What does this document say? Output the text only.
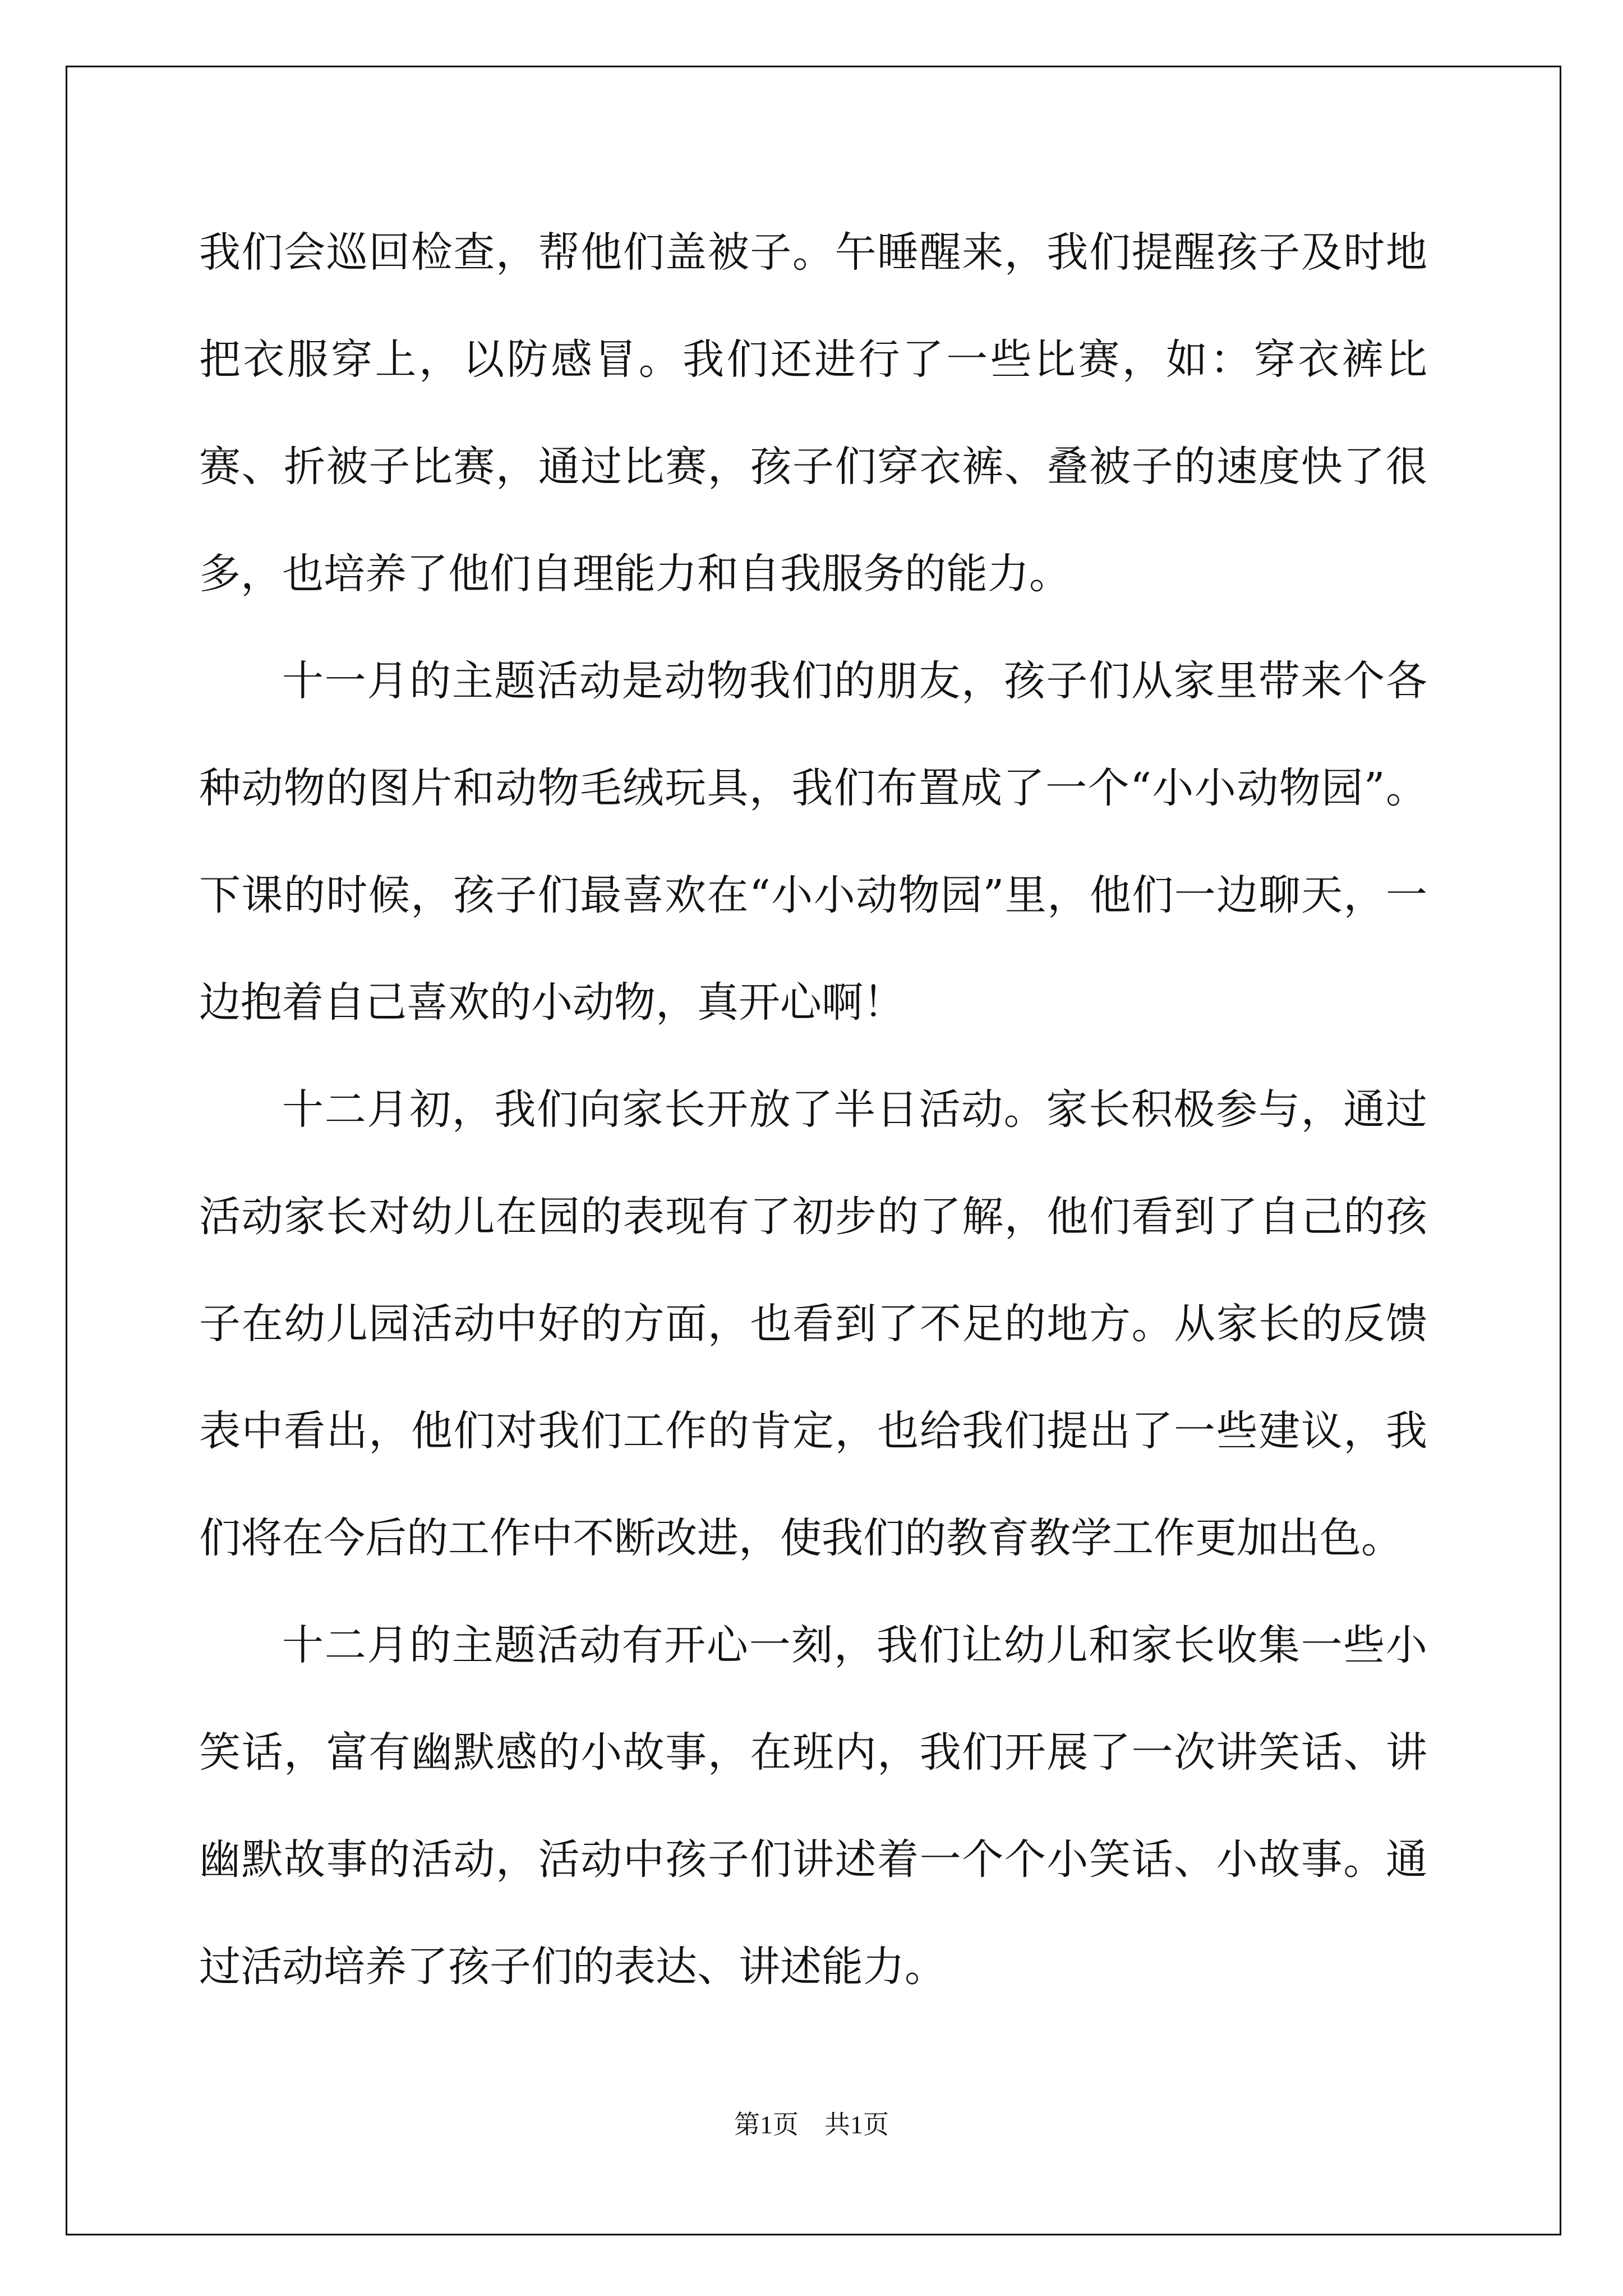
我们会巡回检查，帮他们盖被子。午睡醒来，我们提醒孩子及时地把衣服穿上，以防感冒。我们还进行了一些比赛，如：穿衣裤比赛、折被子比赛，通过比赛，孩子们穿衣裤、叠被子的速度快了很多，也培养了他们自理能力和自我服务的能力。

十一月的主题活动是动物我们的朋友，孩子们从家里带来个各种动物的图片和动物毛绒玩具，我们布置成了一个“小小动物园”。下课的时候，孩子们最喜欢在“小小动物园”里，他们一边聊天，一边抱着自己喜欢的小动物，真开心啊！

十二月初，我们向家长开放了半日活动。家长积极参与，通过活动家长对幼儿在园的表现有了初步的了解，他们看到了自己的孩子在幼儿园活动中好的方面，也看到了不足的地方。从家长的反馈表中看出，他们对我们工作的肯定，也给我们提出了一些建议，我们将在今后的工作中不断改进，使我们的教育教学工作更加出色。

十二月的主题活动有开心一刻，我们让幼儿和家长收集一些小笑话，富有幽默感的小故事，在班内，我们开展了一次讲笑话、讲幽默故事的活动，活动中孩子们讲述着一个个小笑话、小故事。通过活动培养了孩子们的表达、讲述能力。

第1页　共1页
